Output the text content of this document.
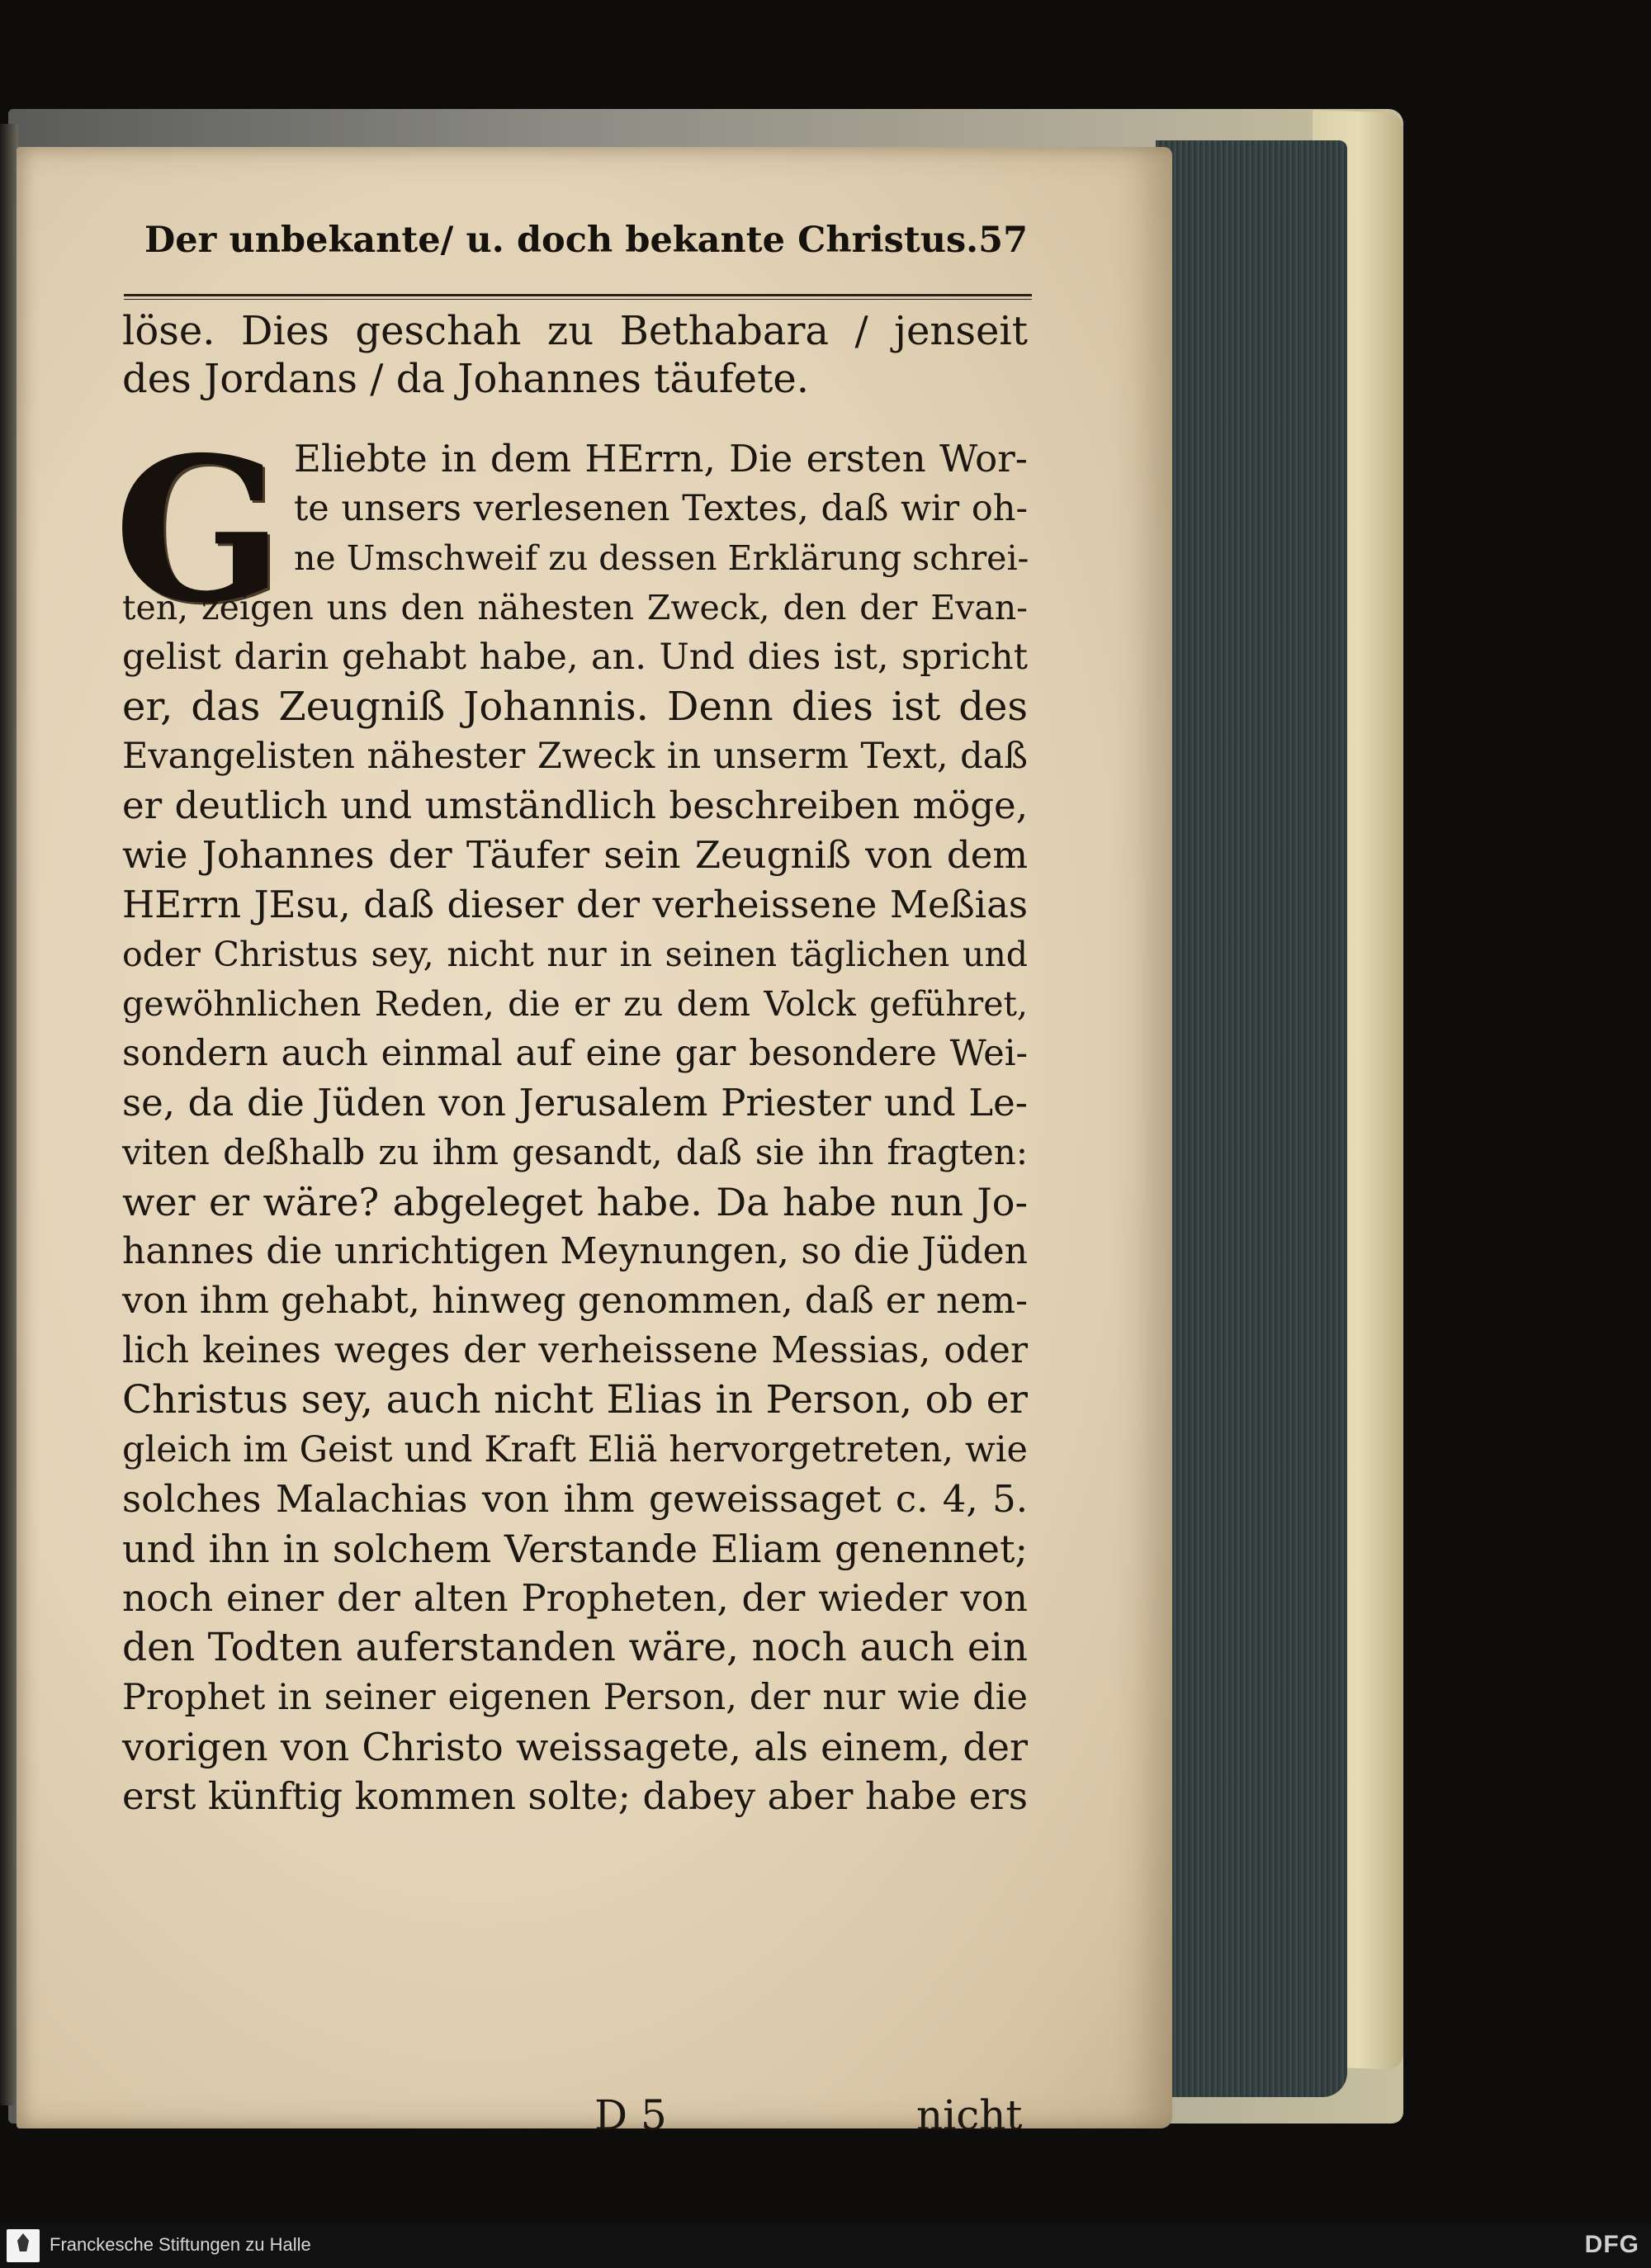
Der unbekante/ u. doch bekante Christus.57
löse. Dies geschah zu Bethabara / jenseit
des Jordans / da Johannes täufete.
G Eliebte in dem HErrn, Die ersten Wor-
te unsers verlesenen Textes, daß wir oh-
ne Umschweif zu dessen Erklärung schrei-
ten, zeigen uns den nähesten Zweck, den der Evan-
gelist darin gehabt habe, an. Und dies ist, spricht
er, das Zeugniß Johannis. Denn dies ist des
Evangelisten nähester Zweck in unserm Text, daß
er deutlich und umständlich beschreiben möge,
wie Johannes der Täufer sein Zeugniß von dem
HErrn JEsu, daß dieser der verheissene Meßias
oder Christus sey, nicht nur in seinen täglichen und
gewöhnlichen Reden, die er zu dem Volck geführet,
sondern auch einmal auf eine gar besondere Wei-
se, da die Jüden von Jerusalem Priester und Le-
viten deßhalb zu ihm gesandt, daß sie ihn fragten:
wer er wäre? abgeleget habe. Da habe nun Jo-
hannes die unrichtigen Meynungen, so die Jüden
von ihm gehabt, hinweg genommen, daß er nem-
lich keines weges der verheissene Messias, oder
Christus sey, auch nicht Elias in Person, ob er
gleich im Geist und Kraft Eliä hervorgetreten, wie
solches Malachias von ihm geweissaget c. 4, 5.
und ihn in solchem Verstande Eliam genennet;
noch einer der alten Propheten, der wieder von
den Todten auferstanden wäre, noch auch ein
Prophet in seiner eigenen Person, der nur wie die
vorigen von Christo weissagete, als einem, der
erst künftig kommen solte; dabey aber habe ers
D 5	nicht
Franckesche Stiftungen zu Halle	DFG
